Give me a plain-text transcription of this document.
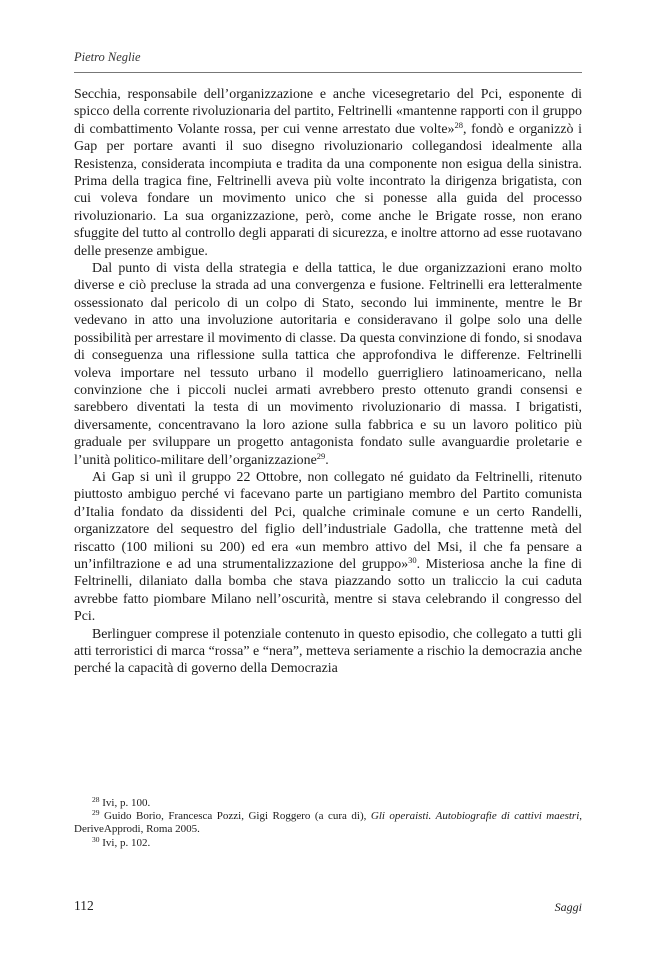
Pietro Neglie

Secchia, responsabile dell’organizzazione e anche vicesegretario del Pci, esponente di spicco della corrente rivoluzionaria del partito, Feltrinelli «mantenne rapporti con il gruppo di combattimento Volante rossa, per cui venne arrestato due volte»$^{28}$, fondò e organizzò i Gap per portare avanti il suo disegno rivoluzionario collegandosi idealmente alla Resistenza, considerata incompiuta e tradita da una componente non esigua della sinistra. Prima della tragica fine, Feltrinelli aveva più volte incontrato la dirigenza brigatista, con cui voleva fondare un movimento unico che si ponesse alla guida del processo rivoluzionario. La sua organizzazione, però, come anche le Brigate rosse, non erano sfuggite del tutto al controllo degli apparati di sicurezza, e inoltre attorno ad esse ruotavano delle presenze ambigue.

Dal punto di vista della strategia e della tattica, le due organizzazioni erano molto diverse e ciò precluse la strada ad una convergenza e fusione. Feltrinelli era letteralmente ossessionato dal pericolo di un colpo di Stato, secondo lui imminente, mentre le Br vedevano in atto una involuzione autoritaria e consideravano il golpe solo una delle possibilità per arrestare il movimento di classe. Da questa convinzione di fondo, si snodava di conseguenza una riflessione sulla tattica che approfondiva le differenze. Feltrinelli voleva importare nel tessuto urbano il modello guerrigliero latinoamericano, nella convinzione che i piccoli nuclei armati avrebbero presto ottenuto grandi consensi e sarebbero diventati la testa di un movimento rivoluzionario di massa. I brigatisti, diversamente, concentravano la loro azione sulla fabbrica e su un lavoro politico più graduale per sviluppare un progetto antagonista fondato sulle avanguardie proletarie e l’unità politico-militare dell’organizzazione$^{29}$.

Ai Gap si unì il gruppo 22 Ottobre, non collegato né guidato da Feltrinelli, ritenuto piuttosto ambiguo perché vi facevano parte un partigiano membro del Partito comunista d’Italia fondato da dissidenti del Pci, qualche criminale comune e un certo Randelli, organizzatore del sequestro del figlio dell’industriale Gadolla, che trattenne metà del riscatto (100 milioni su 200) ed era «un membro attivo del Msi, il che fa pensare a un’infiltrazione e ad una strumentalizzazione del gruppo»$^{30}$. Misteriosa anche la fine di Feltrinelli, dilaniato dalla bomba che stava piazzando sotto un traliccio la cui caduta avrebbe fatto piombare Milano nell’oscurità, mentre si stava celebrando il congresso del Pci.

Berlinguer comprese il potenziale contenuto in questo episodio, che collegato a tutti gli atti terroristici di marca “rossa” e “nera”, metteva seriamente a rischio la democrazia anche perché la capacità di governo della Democrazia

$^{28}$ Ivi, p. 100.

$^{29}$ Guido Borio, Francesca Pozzi, Gigi Roggero (a cura di), Gli operaisti. Autobiografie di cattivi maestri, DeriveApprodi, Roma 2005.

$^{30}$ Ivi, p. 102.

112	Saggi
